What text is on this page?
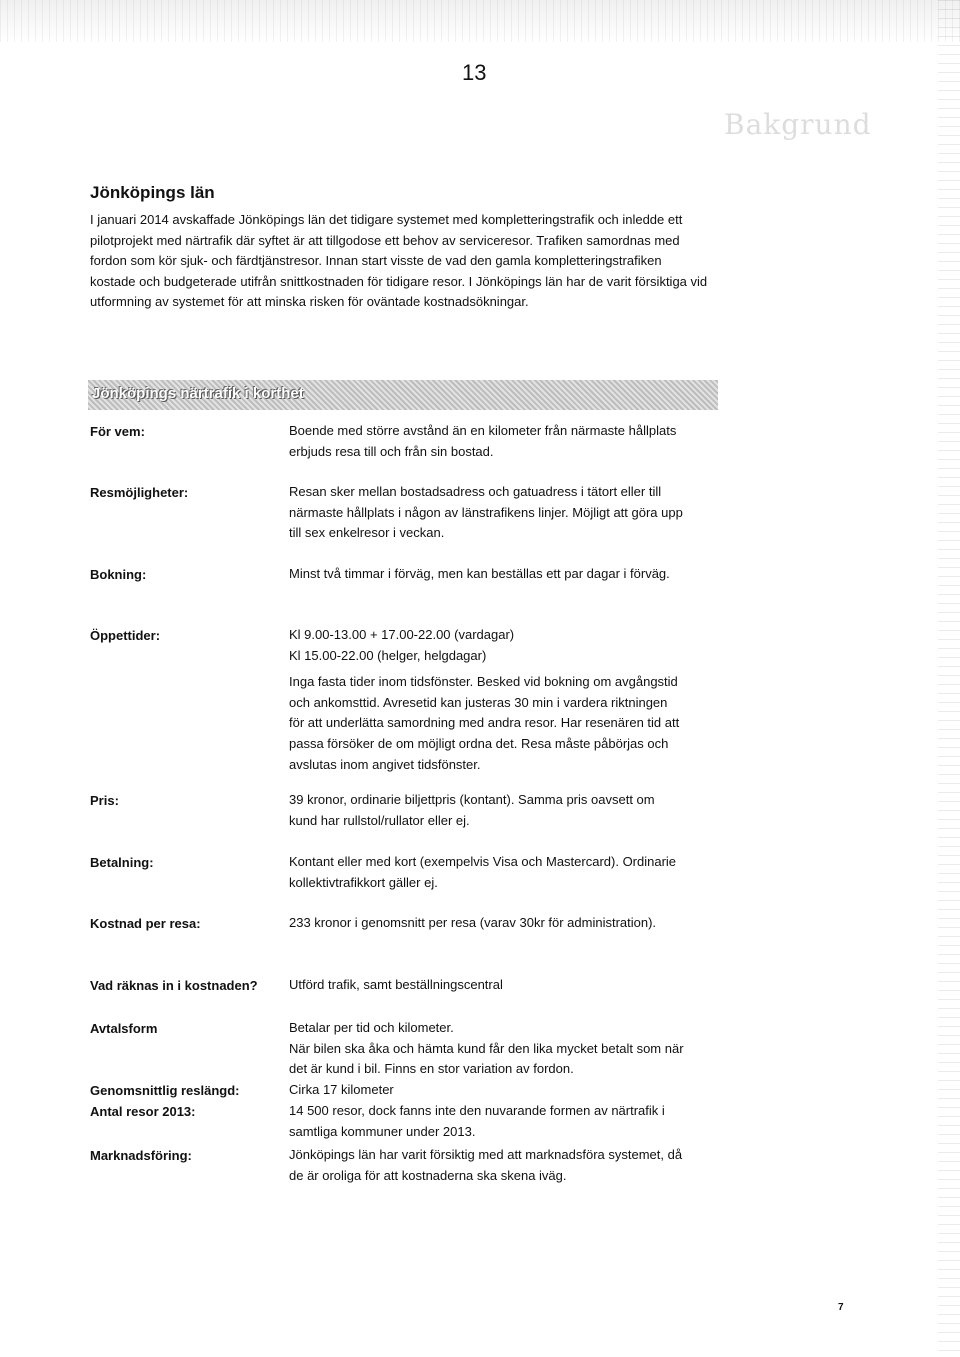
13
Bakgrund
Jönköpings län

I januari 2014 avskaffade Jönköpings län det tidigare systemet med kompletteringstrafik och inledde ett pilotprojekt med närtrafik där syftet är att tillgodose ett behov av serviceresor. Trafiken samordnas med fordon som kör sjuk- och färdtjänstresor. Innan start visste de vad den gamla kompletteringstrafiken kostade och budgeterade utifrån snittkostnaden för tidigare resor. I Jönköpings län har de varit försiktiga vid utformning av systemet för att minska risken för oväntade kostnadsökningar.

Jönköpings närtrafik i korthet
För vem:	Boende med större avstånd än en kilometer från närmaste hållplats erbjuds resa till och från sin bostad.

Resmöjligheter:	Resan sker mellan bostadsadress och gatuadress i tätort eller till närmaste hållplats i någon av länstrafikens linjer. Möjligt att göra upp till sex enkelresor i veckan.

Bokning:	Minst två timmar i förväg, men kan beställas ett par dagar i förväg.

Öppettider:	Kl 9.00-13.00 + 17.00-22.00 (vardagar)

Kl 15.00-22.00 (helger, helgdagar)

Inga fasta tider inom tidsfönster. Besked vid bokning om avgångstid och ankomsttid. Avresetid kan justeras 30 min i vardera riktningen för att underlätta samordning med andra resor. Har resenären tid att passa försöker de om möjligt ordna det. Resa måste påbörjas och avslutas inom angivet tidsfönster.

Pris:	39 kronor, ordinarie biljettpris (kontant). Samma pris oavsett om kund har rullstol/rullator eller ej.

Betalning:	Kontant eller med kort (exempelvis Visa och Mastercard). Ordinarie kollektivtrafikkort gäller ej.

Kostnad per resa:	233 kronor i genomsnitt per resa (varav 30kr för administration).

Vad räknas in i kostnaden? Utförd trafik, samt beställningscentral

Avtalsform	Betalar per tid och kilometer.

När bilen ska åka och hämta kund får den lika mycket betalt som när det är kund i bil. Finns en stor variation av fordon.

Genomsnittlig reslängd:	Cirka 17 kilometer

Antal resor 2013:	14 500 resor, dock fanns inte den nuvarande formen av närtrafik i samtliga kommuner under 2013.

Marknadsföring:	Jönköpings län har varit försiktig med att marknadsföra systemet, då de är oroliga för att kostnaderna ska skena iväg.

7
